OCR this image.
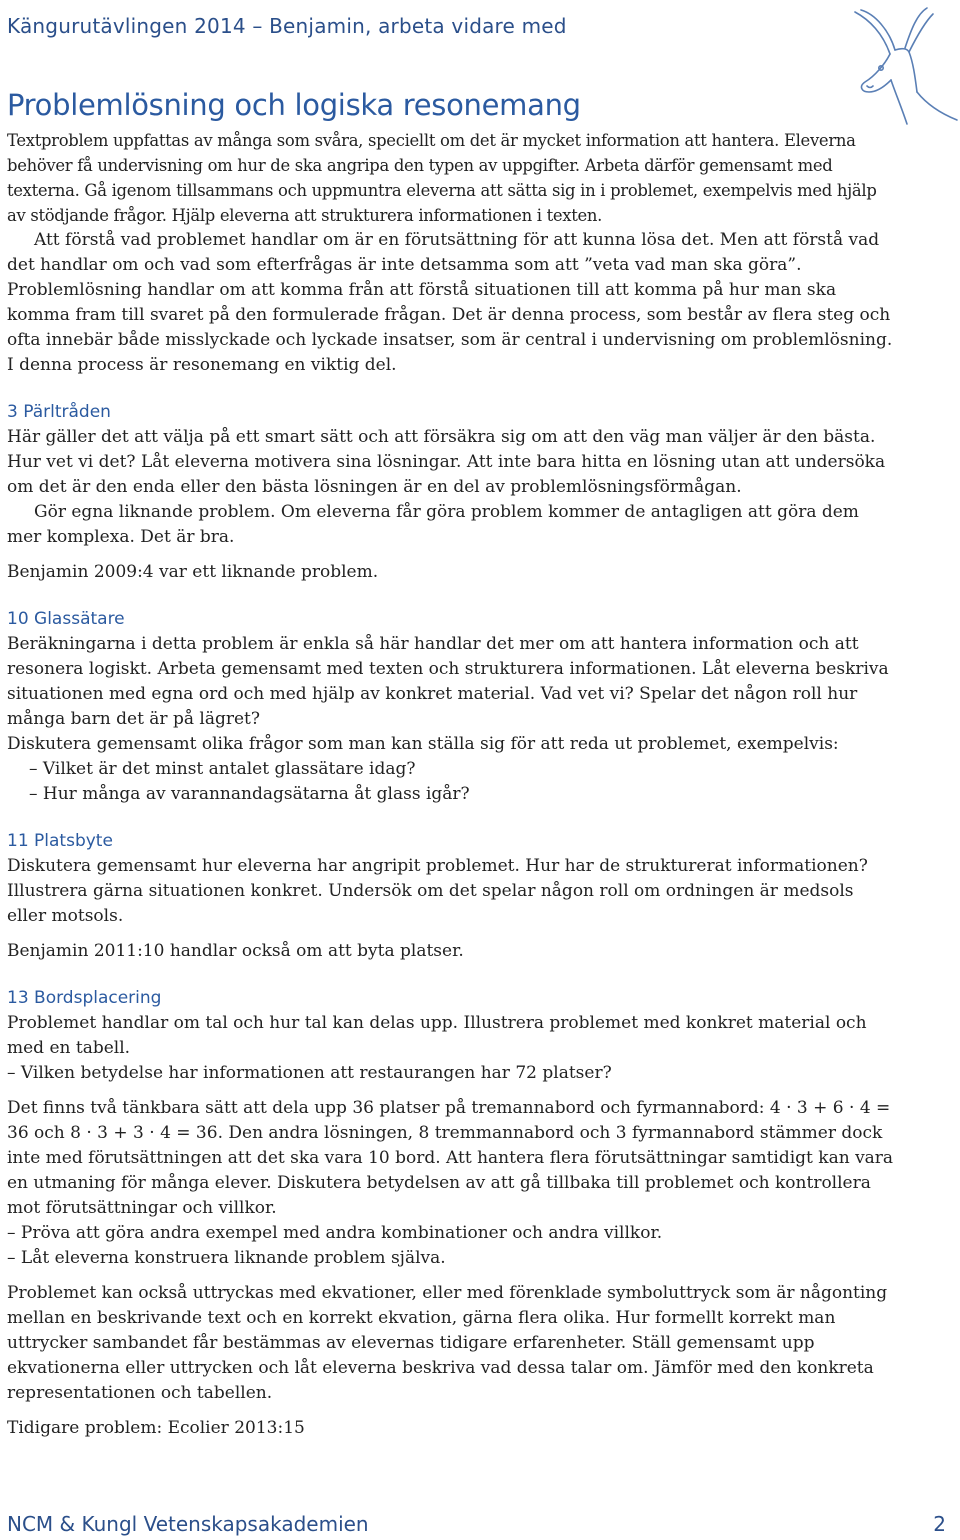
Kängurutävlingen 2014 – Benjamin, arbeta vidare med
Problemlösning och logiska resonemang

Textproblem uppfattas av många som svåra, speciellt om det är mycket information att hantera. Eleverna behöver få undervisning om hur de ska angripa den typen av uppgifter. Arbeta därför gemensamt med texterna. Gå igenom tillsammans och uppmuntra eleverna att sätta sig in i problemet, exempelvis med hjälp av stödjande frågor. Hjälp eleverna att strukturera informationen i texten.

Att förstå vad problemet handlar om är en förutsättning för att kunna lösa det. Men att förstå vad det handlar om och vad som efterfrågas är inte detsamma som att ”veta vad man ska göra”. Problemlösning handlar om att komma från att förstå situationen till att komma på hur man ska komma fram till svaret på den formulerade frågan. Det är denna process, som består av flera steg och ofta innebär både misslyckade och lyckade insatser, som är central i undervisning om problemlösning. I denna process är resonemang en viktig del.

3 Pärltråden

Här gäller det att välja på ett smart sätt och att försäkra sig om att den väg man väljer är den bästa. Hur vet vi det? Låt eleverna motivera sina lösningar. Att inte bara hitta en lösning utan att undersöka om det är den enda eller den bästa lösningen är en del av problemlösningsförmågan.

Gör egna liknande problem. Om eleverna får göra problem kommer de antagligen att göra dem mer komplexa. Det är bra.

Benjamin 2009:4 var ett liknande problem.

10 Glassätare

Beräkningarna i detta problem är enkla så här handlar det mer om att hantera information och att resonera logiskt. Arbeta gemensamt med texten och strukturera informationen. Låt eleverna beskriva situationen med egna ord och med hjälp av konkret material. Vad vet vi? Spelar det någon roll hur många barn det är på lägret?

Diskutera gemensamt olika frågor som man kan ställa sig för att reda ut problemet, exempelvis:

– Vilket är det minst antalet glassätare idag?

– Hur många av varannandagsätarna åt glass igår?

11 Platsbyte

Diskutera gemensamt hur eleverna har angripit problemet. Hur har de strukturerat informationen? Illustrera gärna situationen konkret. Undersök om det spelar någon roll om ordningen är medsols eller motsols.

Benjamin 2011:10 handlar också om att byta platser.

13 Bordsplacering

Problemet handlar om tal och hur tal kan delas upp. Illustrera problemet med konkret material och med en tabell.

– Vilken betydelse har informationen att restaurangen har 72 platser?

Det finns två tänkbara sätt att dela upp 36 platser på tremannabord och fyrmannabord: 4 · 3 + 6 · 4 = 36 och 8 · 3 + 3 · 4 = 36. Den andra lösningen, 8 tremmannabord och 3 fyrmannabord stämmer dock inte med förutsättningen att det ska vara 10 bord. Att hantera flera förutsättningar samtidigt kan vara en utmaning för många elever. Diskutera betydelsen av att gå tillbaka till problemet och kontrollera mot förutsättningar och villkor.

– Pröva att göra andra exempel med andra kombinationer och andra villkor.

– Låt eleverna konstruera liknande problem själva.

Problemet kan också uttryckas med ekvationer, eller med förenklade symboluttryck som är någonting mellan en beskrivande text och en korrekt ekvation, gärna flera olika. Hur formellt korrekt man uttrycker sambandet får bestämmas av elevernas tidigare erfarenheter. Ställ gemensamt upp ekvationerna eller uttrycken och låt eleverna beskriva vad dessa talar om. Jämför med den konkreta representationen och tabellen.

Tidigare problem: Ecolier 2013:15

NCM & Kungl Vetenskapsakademien	2
